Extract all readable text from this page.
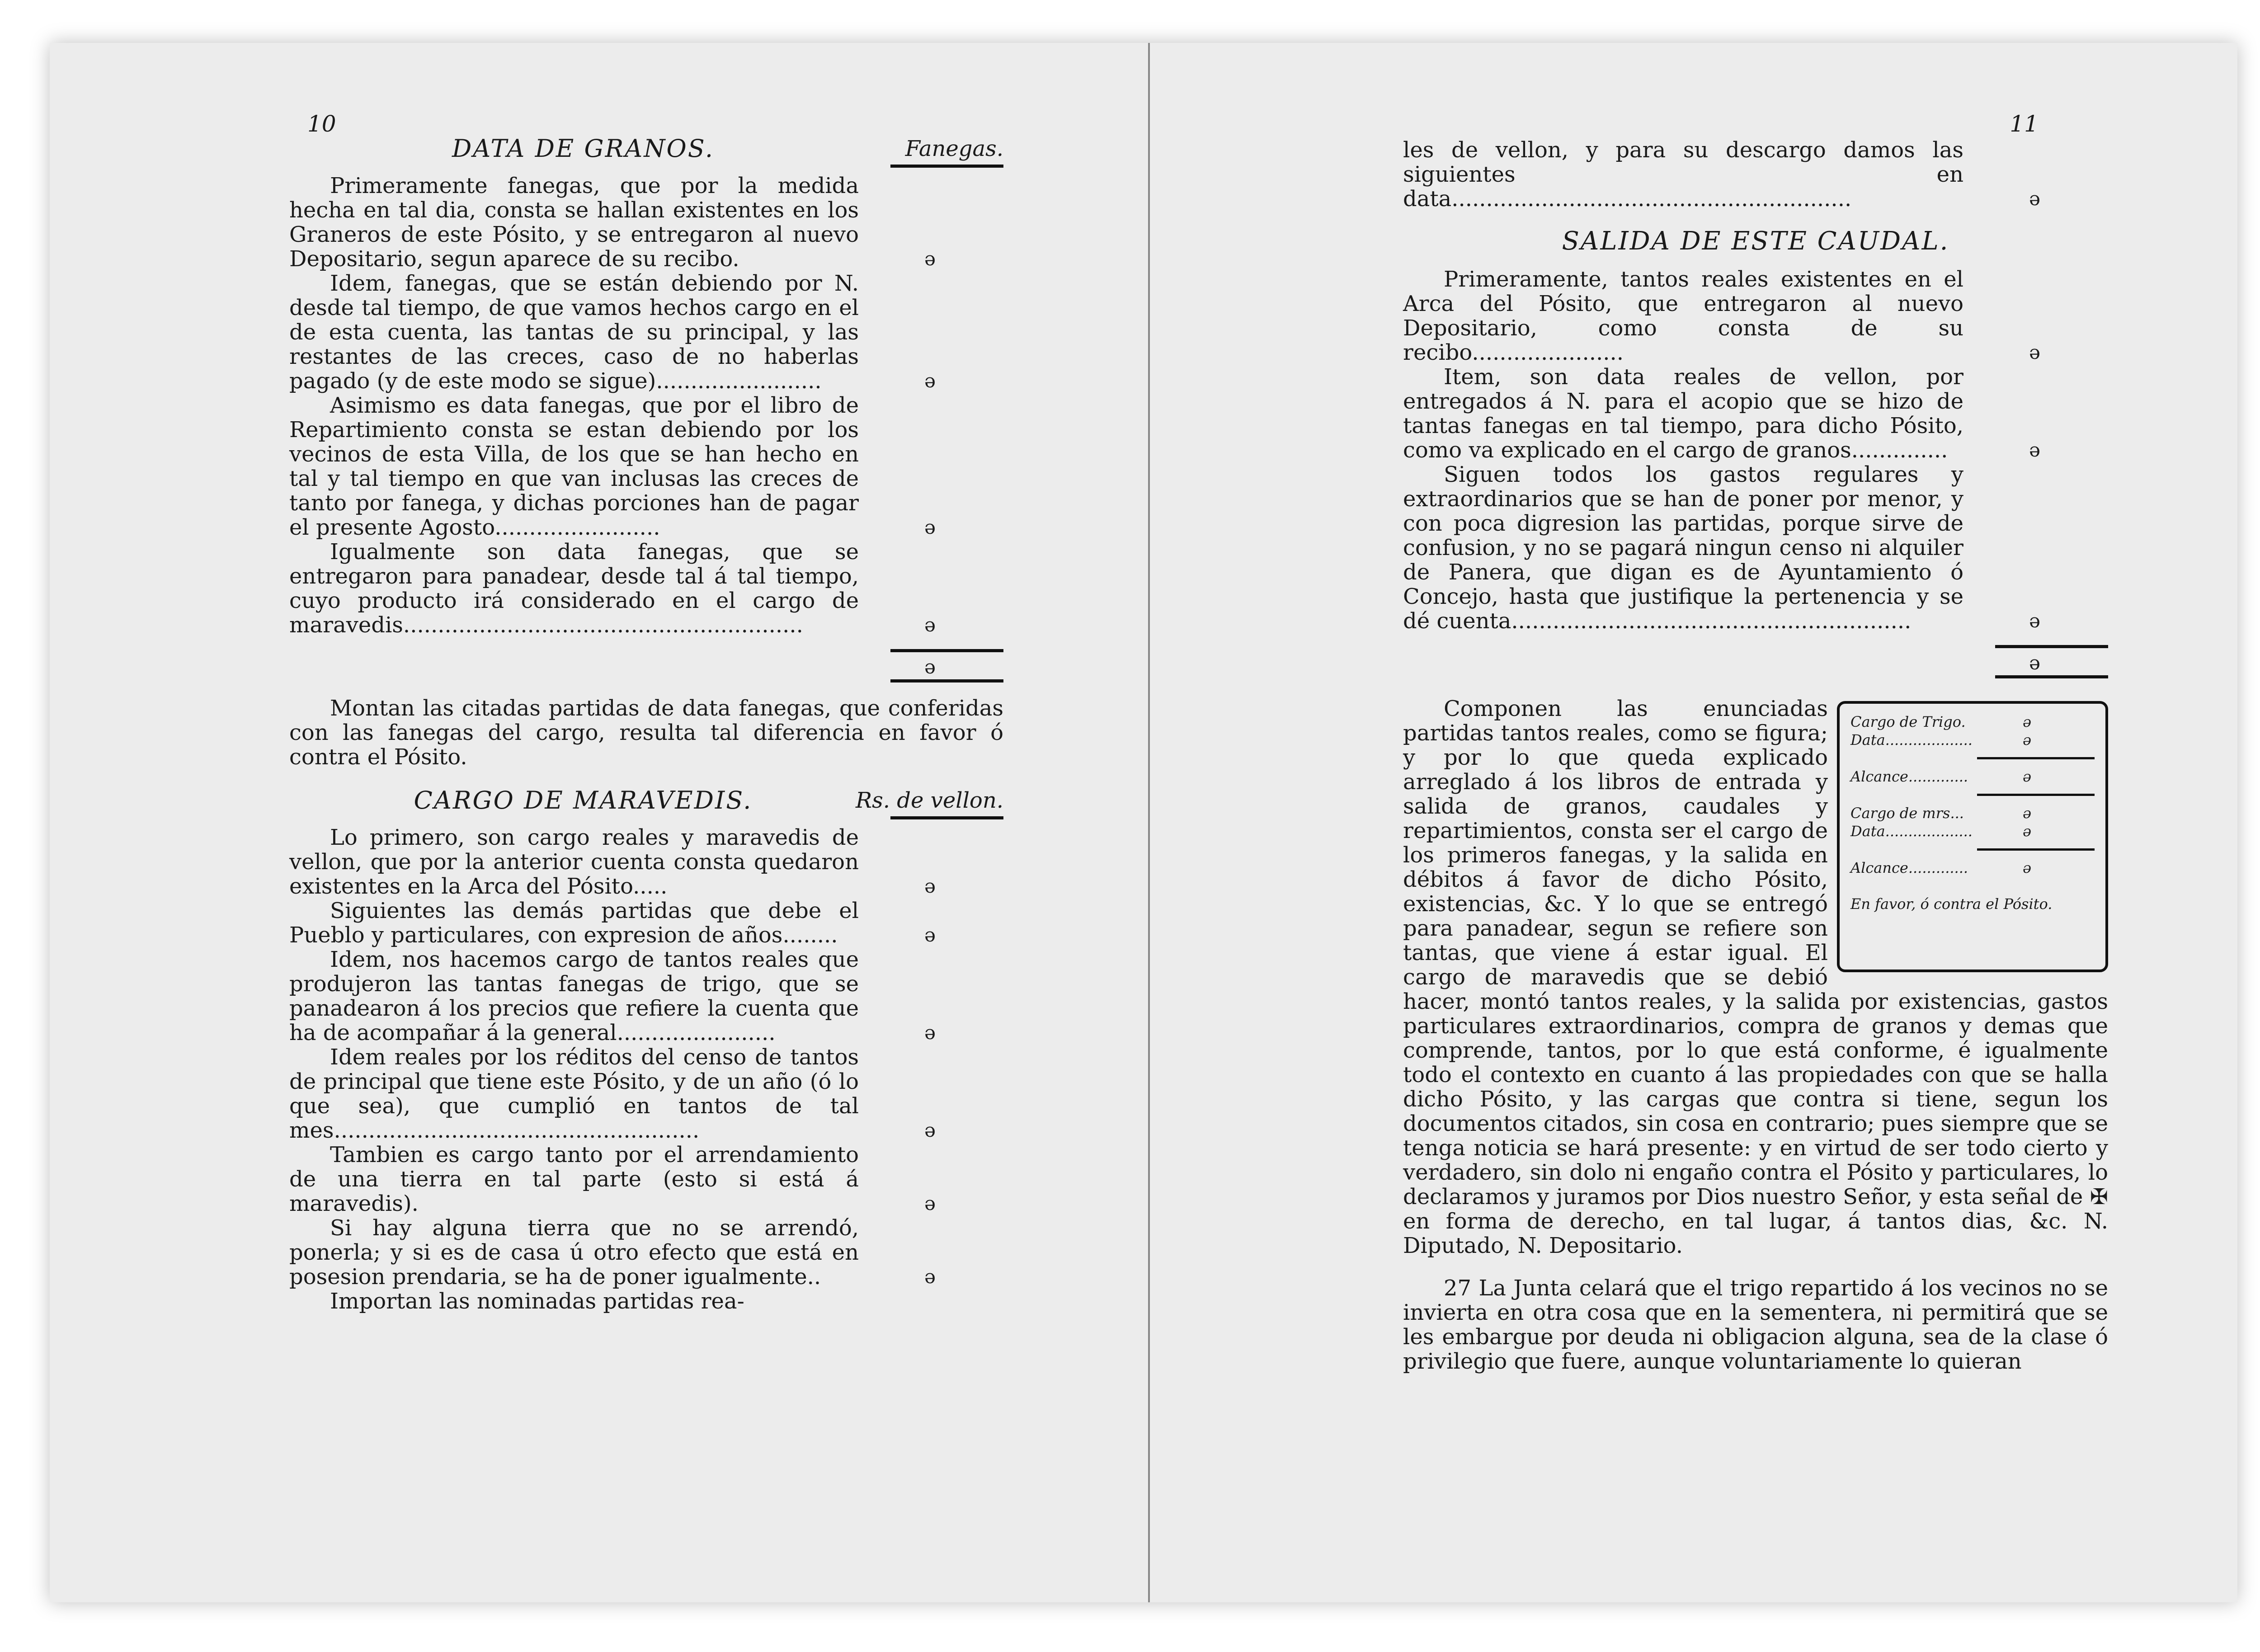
10
DATA DE GRANOS.	Fanegas.
Primeramente fanegas, que por la medida hecha en tal dia, consta se hallan existentes en los Graneros de este Pósito, y se entregaron al nuevo Depositario, segun aparece de su recibo.	ə
Idem, fanegas, que se están debiendo por N. desde tal tiempo, de que vamos hechos cargo en el de esta cuenta, las tantas de su principal, y las restantes de las creces, caso de no haberlas pagado (y de este modo se sigue)........................	ə
Asimismo es data fanegas, que por el libro de Repartimiento consta se estan debiendo por los vecinos de esta Villa, de los que se han hecho en tal y tal tiempo en que van inclusas las creces de tanto por fanega, y dichas porciones han de pagar el presente Agosto........................	ə
Igualmente son data fanegas, que se entregaron para panadear, desde tal á tal tiempo, cuyo producto irá considerado en el cargo de maravedis..........................................................	ə
ə
Montan las citadas partidas de data fanegas, que conferidas con las fanegas del cargo, resulta tal diferencia en favor ó contra el Pósito.
CARGO DE MARAVEDIS.	Rs. de vellon.
Lo primero, son cargo reales y maravedis de vellon, que por la anterior cuenta consta quedaron existentes en la Arca del Pósito.....	ə
Siguientes las demás partidas que debe el Pueblo y particulares, con expresion de años........	ə
Idem, nos hacemos cargo de tantos reales que produjeron las tantas fanegas de trigo, que se panadearon á los precios que refiere la cuenta que ha de acompañar á la general.......................	ə
Idem reales por los réditos del censo de tantos de principal que tiene este Pósito, y de un año (ó lo que sea), que cumplió en tantos de tal mes.....................................................	ə
Tambien es cargo tanto por el arrendamiento de una tierra en tal parte (esto si está á maravedis).	ə
Si hay alguna tierra que no se arrendó, ponerla; y si es de casa ú otro efecto que está en posesion prendaria, se ha de poner igualmente..	ə
Importan las nominadas partidas rea-
11
les de vellon, y para su descargo damos las siguientes en data..........................................................	ə
SALIDA DE ESTE CAUDAL.
Primeramente, tantos reales existentes en el Arca del Pósito, que entregaron al nuevo Depositario, como consta de su recibo......................	ə
Item, son data reales de vellon, por entregados á N. para el acopio que se hizo de tantas fanegas en tal tiempo, para dicho Pósito, como va explicado en el cargo de granos..............	ə
Siguen todos los gastos regulares y extraordinarios que se han de poner por menor, y con poca digresion las partidas, porque sirve de confusion, y no se pagará ningun censo ni alquiler de Panera, que digan es de Ayuntamiento ó Concejo, hasta que justifique la pertenencia y se dé cuenta..........................................................	ə
ə
Cargo de Trigo.	ə
Data...................	ə
Alcance.............	ə
Cargo de mrs...	ə
Data...................	ə
Alcance.............	ə
En favor, ó contra el Pósito.
Componen las enunciadas partidas tantos reales, como se figura; y por lo que queda explicado arreglado á los libros de entrada y salida de granos, caudales y repartimientos, consta ser el cargo de los primeros fanegas, y la salida en débitos á favor de dicho Pósito, existencias, &c. Y lo que se entregó para panadear, segun se refiere son tantas, que viene á estar igual. El cargo de maravedis que se debió hacer, montó tantos reales, y la salida por existencias, gastos particulares extraordinarios, compra de granos y demas que comprende, tantos, por lo que está conforme, é igualmente todo el contexto en cuanto á las propiedades con que se halla dicho Pósito, y las cargas que contra si tiene, segun los documentos citados, sin cosa en contrario; pues siempre que se tenga noticia se hará presente: y en virtud de ser todo cierto y verdadero, sin dolo ni engaño contra el Pósito y particulares, lo declaramos y juramos por Dios nuestro Señor, y esta señal de ✠ en forma de derecho, en tal lugar, á tantos dias, &c. N. Diputado, N. Depositario.
27 La Junta celará que el trigo repartido á los vecinos no se invierta en otra cosa que en la sementera, ni permitirá que se les embargue por deuda ni obligacion alguna, sea de la clase ó privilegio que fuere, aunque voluntariamente lo quieran
